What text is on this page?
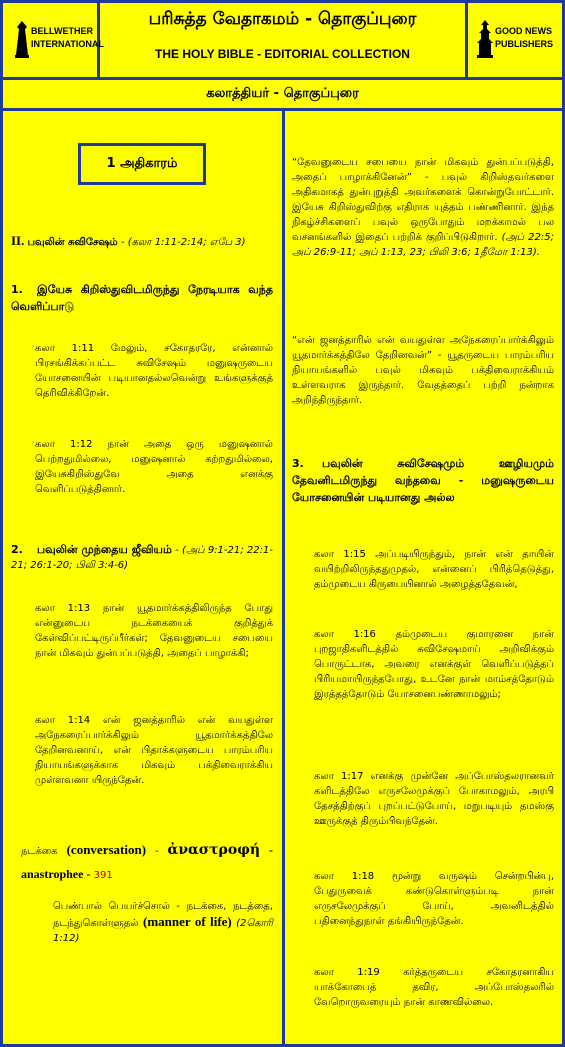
BELLWETHER
INTERNATIONAL
பரிசுத்த வேதாகமம் - தொகுப்புரை
THE HOLY BIBLE - EDITORIAL COLLECTION
GOOD NEWS
PUBLISHERS
கலாத்தியர் - தொகுப்புரை
1 அதிகாரம்
II. பவுலின் சுவிசேஷம் - (கலா 1:11-2:14; எபே 3)
1. இயேசு கிறிஸ்துவிடமிருந்து நேரடியாக வந்த வெளிப்பாடு
கலா 1:11 மேலும், சகோதரரே, என்னால் பிரசங்கிக்கப்பட்ட சுவிசேஷம் மனுஷருடைய யோசனையின் படியானதல்லவென்று உங்களுக்குத் தெரிவிக்கிறேன்.
கலா 1:12 நான் அதை ஒரு மனுஷனால் பெற்றதுமில்லை, மனுஷனால் கற்றதுமில்லை, இயேசுகிறிஸ்துவே அதை எனக்கு வெளிப்படுத்தினார்.
2. பவுலின் முந்தைய ஜீவியம் - (அப் 9:1-21; 22:1-21; 26:1-20; பிலி 3:4-6)
கலா 1:13 நான் யூதமார்க்கத்திலிருந்த போது என்னுடைய நடக்கையைக் குறித்துக் கேள்விப்பட்டிருப்பீர்கள்; தேவனுடைய சபையை நான் மிகவும் துன்பப்படுத்தி, அதைப் பாழாக்கி;
கலா 1:14 என் ஜனத்தாரில் என் வயதுள்ள அநேகரைப்பார்க்கிலும் யூதமார்க்கத்திலே தேறினவனாய், என் பிதாக்களுடைய பாரம்பரிய நியாயங்களுக்காக மிகவும் பக்திவைராக்கிய முள்ளவனா யிருந்தேன்.
நடக்கை (conversation) - ἀναστροφή - anastrophee - 391
பெண்பால் பெயர்ச்சொல் - நடக்கை, நடத்தை, நடந்துகொள்ளுதல் (manner of life) (2கொரி 1:12)
“தேவனுடைய சபையை நான் மிகவும் துன்பப்படுத்தி, அதைப் பாழாக்கினேன்” - பவுல் கிறிஸ்தவர்களை அதிகமாகத் துன்புறுத்தி அவர்களைக் கொன்றுபோட்டார். இயேசு கிறிஸ்துவிற்கு எதிராக யுத்தம் பண்ணினார். இந்த நிகழ்ச்சிகளைப் பவுல் ஒருபோதும் மறக்காமல் பல வசனங்களில் இதைப் பற்றிக் குறிப்பிடுகிறார். (அப் 22:5; அப் 26:9-11; அப் 1:13, 23; பிலி 3:6; 1தீமோ 1:13).
“என் ஜனத்தாரில் என் வயதுள்ள அநேகரைப்பார்க்கிலும் யூதமார்க்கத்திலே தேறினவன்” - யூதருடைய பாரம்பரிய நியாயங்களில் பவுல் மிகவும் பக்திவைராக்கியம் உள்ளவராக இருந்தார். வேதத்தைப் பற்றி நன்றாக அறிந்திருந்தார்.
3. பவுலின் சுவிசேஷமும் ஊழியமும் தேவனிடமிருந்து வந்தவை - மனுஷருடைய யோசனையின் படியானது அல்ல
கலா 1:15 அப்படியிருந்தும், நான் என் தாயின் வயிற்றிலிருந்ததுமுதல், என்னைப் பிரித்தெடுத்து, தம்முடைய கிருபையினால் அழைத்ததேவன்,
கலா 1:16 தம்முடைய குமாரனை நான் புறஜாதிகளிடத்தில் சுவிசேஷமாய் அறிவிக்கும் பொருட்டாக, அவரை எனக்குள் வெளிப்படுத்தப் பிரியமாயிருந்தபோது, உடனே நான் மாம்சத்தோடும் இரத்தத்தோடும் யோசனைபண்ணாமலும்;
கலா 1:17 எனக்கு முன்னே அப்போஸ்தலரானவர் களிடத்திலே எருசலேமுக்குப் போகாமலும், அரபி தேசத்திற்குப் புறப்பட்டுபோய், மறுபடியும் தமஸ்கு ஊருக்குத் திரும்பிவந்தேன்.
கலா 1:18 மூன்று வருஷம் சென்றபின்பு, பேதுருவைக் கண்டுகொள்ளும்படி நான் எருசலேமுக்குப் போய், அவனிடத்தில் பதினைந்துநாள் தங்கியிருந்தேன்.
கலா 1:19 கர்த்தருடைய சகோதரனாகிய யாக்கோபைத் தவிர, அப்போஸ்தலரில் வேறொருவரையும் நான் காணவில்லை.
